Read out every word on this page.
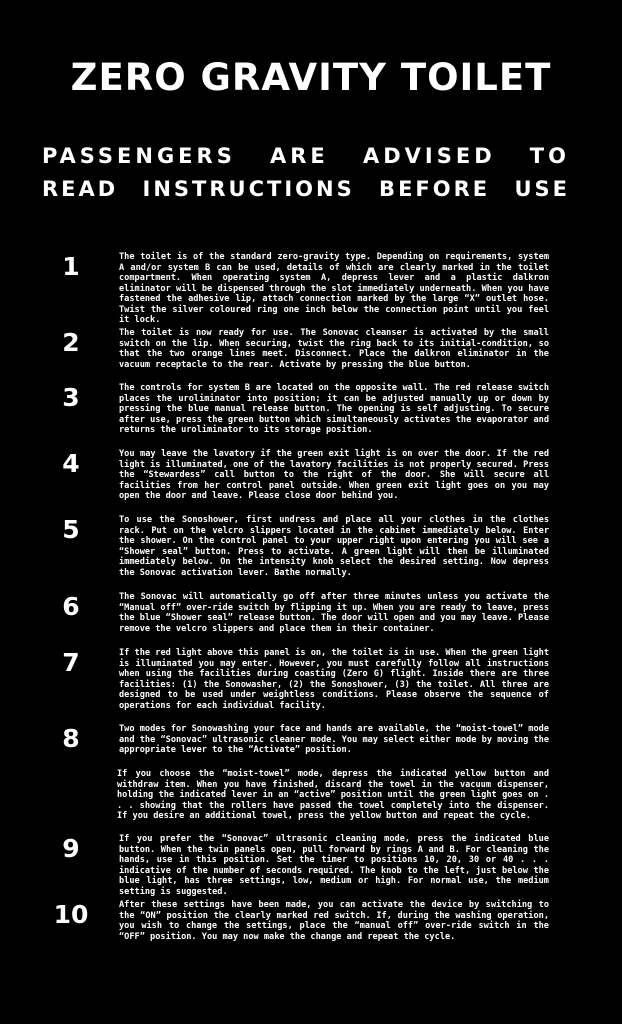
ZERO GRAVITY TOILET
PASSENGERS ARE ADVISED TO
READ INSTRUCTIONS BEFORE USE
1	The toilet is of the standard zero-gravity type. Depending on requirements, system A and/or system B can be used, details of which are clearly marked in the toilet compartment. When operating system A, depress lever and a plastic dalkron eliminator will be dispensed through the slot immediately underneath. When you have fastened the adhesive lip, attach connection marked by the large “X” outlet hose. Twist the silver coloured ring one inch below the connection point until you feel it lock.

2	The toilet is now ready for use. The Sonovac cleanser is activated by the small switch on the lip. When securing, twist the ring back to its initial-condition, so that the two orange lines meet. Disconnect. Place the dalkron eliminator in the vacuum receptacle to the rear. Activate by pressing the blue button.

3	The controls for system B are located on the opposite wall. The red release switch places the uroliminator into position; it can be adjusted manually up or down by pressing the blue manual release button. The opening is self adjusting. To secure after use, press the green button which simultaneously activates the evaporator and returns the uroliminator to its storage position.

4	You may leave the lavatory if the green exit light is on over the door. If the red light is illuminated, one of the lavatory facilities is not properly secured. Press the “Stewardess” call button to the right of the door. She will secure all facilities from her control panel outside. When green exit light goes on you may open the door and leave. Please close door behind you.

5	To use the Sonoshower, first undress and place all your clothes in the clothes rack. Put on the velcro slippers located in the cabinet immediately below. Enter the shower. On the control panel to your upper right upon entering you will see a “Shower seal” button. Press to activate. A green light will then be illuminated immediately below. On the intensity knob select the desired setting. Now depress the Sonovac activation lever. Bathe normally.

6	The Sonovac will automatically go off after three minutes unless you activate the “Manual off” over-ride switch by flipping it up. When you are ready to leave, press the blue “Shower seal” release button. The door will open and you may leave. Please remove the velcro slippers and place them in their container.

7	If the red light above this panel is on, the toilet is in use. When the green light is illuminated you may enter. However, you must carefully follow all instructions when using the facilities during coasting (Zero G) flight. Inside there are three facilities: (1) the Sonowasher, (2) the Sonoshower, (3) the toilet. All three are designed to be used under weightless conditions. Please observe the sequence of operations for each individual facility.

8	Two modes for Sonowashing your face and hands are available, the “moist-towel” mode and the “Sonovac” ultrasonic cleaner mode. You may select either mode by moving the appropriate lever to the “Activate” position.

If you choose the “moist-towel” mode, depress the indicated yellow button and withdraw item. When you have finished, discard the towel in the vacuum dispenser, holding the indicated lever in an “active” position until the green light goes on . . . showing that the rollers have passed the towel completely into the dispenser. If you desire an additional towel, press the yellow button and repeat the cycle.

9	If you prefer the “Sonovac” ultrasonic cleaning mode, press the indicated blue button. When the twin panels open, pull forward by rings A and B. For cleaning the hands, use in this position. Set the timer to positions 10, 20, 30 or 40 . . . indicative of the number of seconds required. The knob to the left, just below the blue light, has three settings, low, medium or high. For normal use, the medium setting is suggested.

10	After these settings have been made, you can activate the device by switching to the “ON” position the clearly marked red switch. If, during the washing operation, you wish to change the settings, place the “manual off” over-ride switch in the “OFF” position. You may now make the change and repeat the cycle.
